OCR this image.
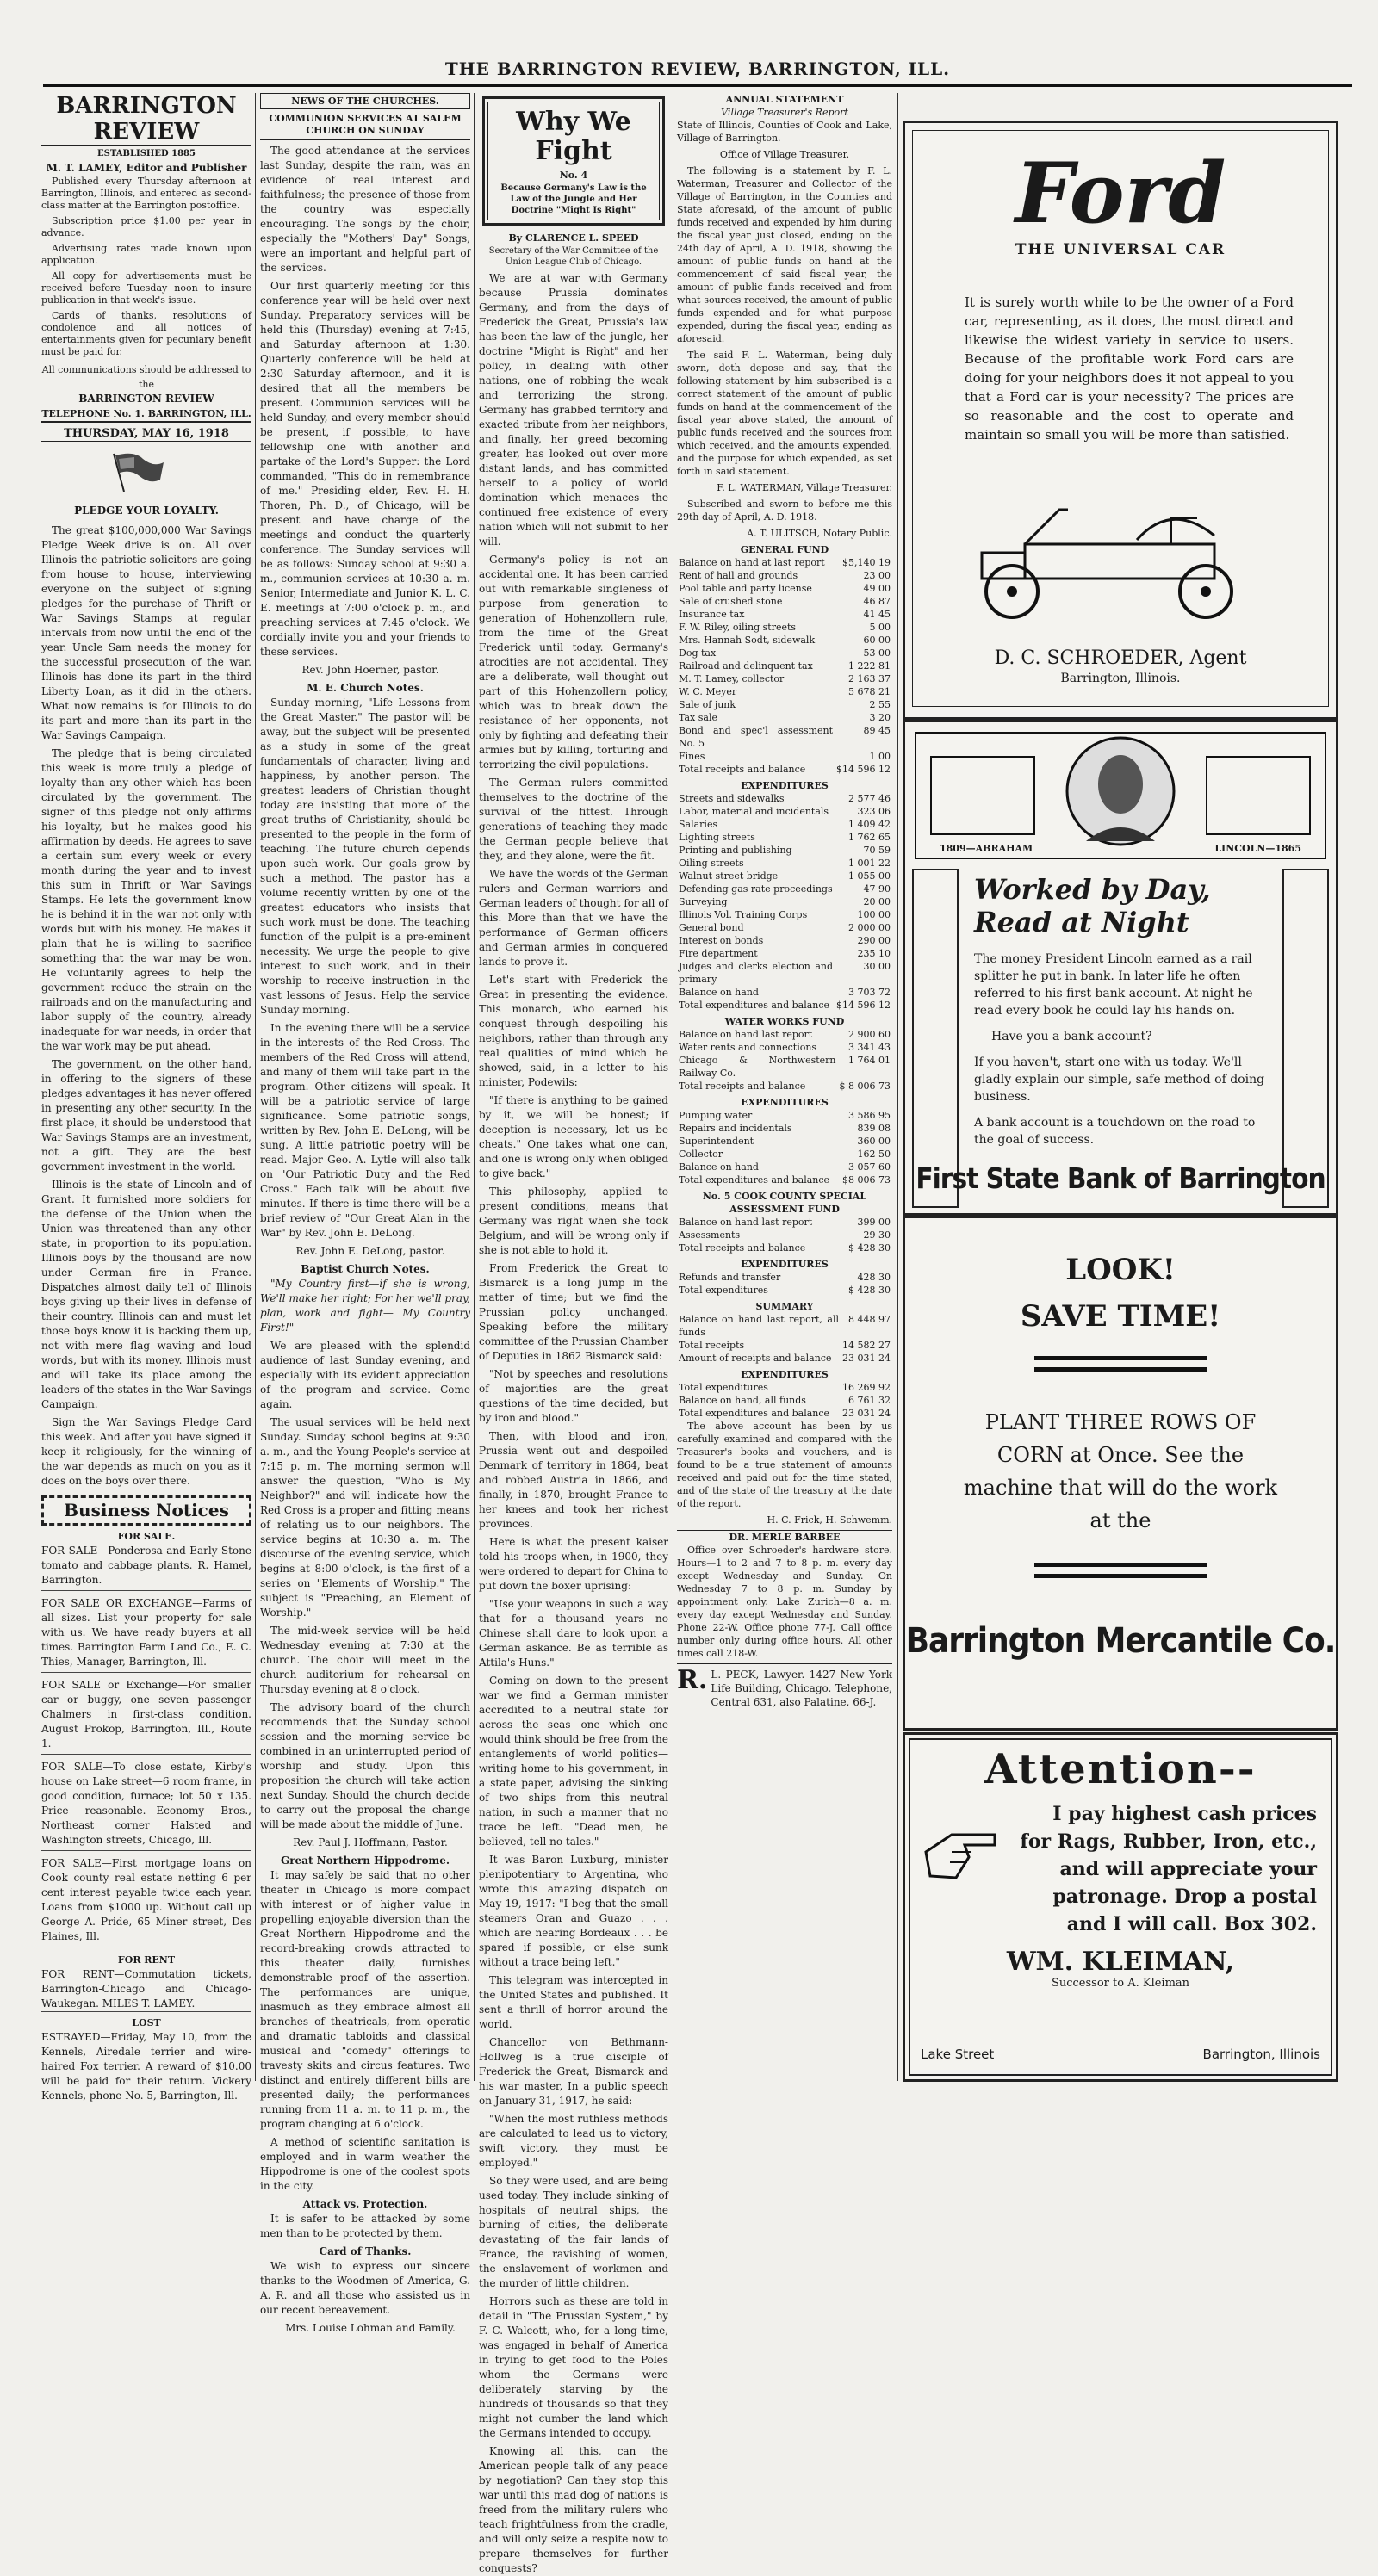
THE BARRINGTON REVIEW, BARRINGTON, ILL.
BARRINGTON REVIEW
ESTABLISHED 1885
M. T. LAMEY, Editor and Publisher

Published every Thursday afternoon at Barrington, Illinois, and entered as second-class matter at the Barrington postoffice.

Subscription price $1.00 per year in advance.

Advertising rates made known upon application.

All copy for advertisements must be received before Tuesday noon to insure publication in that week's issue.

Cards of thanks, resolutions of condolence and all notices of entertainments given for pecuniary benefit must be paid for.

All communications should be addressed to the
BARRINGTON REVIEW
TELEPHONE No. 1. BARRINGTON, ILL.
THURSDAY, MAY 16, 1918
PLEDGE YOUR LOYALTY.

The great $100,000,000 War Savings Pledge Week drive is on. All over Illinois the patriotic solicitors are going from house to house, interviewing everyone on the subject of signing pledges for the purchase of Thrift or War Savings Stamps at regular intervals from now until the end of the year. Uncle Sam needs the money for the successful prosecution of the war. Illinois has done its part in the third Liberty Loan, as it did in the others. What now remains is for Illinois to do its part and more than its part in the War Savings Campaign.

The pledge that is being circulated this week is more truly a pledge of loyalty than any other which has been circulated by the government. The signer of this pledge not only affirms his loyalty, but he makes good his affirmation by deeds. He agrees to save a certain sum every week or every month during the year and to invest this sum in Thrift or War Savings Stamps. He lets the government know he is behind it in the war not only with words but with his money. He makes it plain that he is willing to sacrifice something that the war may be won. He voluntarily agrees to help the government reduce the strain on the railroads and on the manufacturing and labor supply of the country, already inadequate for war needs, in order that the war work may be put ahead.

The government, on the other hand, in offering to the signers of these pledges advantages it has never offered in presenting any other security. In the first place, it should be understood that War Savings Stamps are an investment, not a gift. They are the best government investment in the world.

Illinois is the state of Lincoln and of Grant. It furnished more soldiers for the defense of the Union when the Union was threatened than any other state, in proportion to its population. Illinois boys by the thousand are now under German fire in France. Dispatches almost daily tell of Illinois boys giving up their lives in defense of their country. Illinois can and must let those boys know it is backing them up, not with mere flag waving and loud words, but with its money. Illinois must and will take its place among the leaders of the states in the War Savings Campaign.

Sign the War Savings Pledge Card this week. And after you have signed it keep it religiously, for the winning of the war depends as much on you as it does on the boys over there.

Business Notices
FOR SALE.

FOR SALE—Ponderosa and Early Stone tomato and cabbage plants. R. Hamel, Barrington.

FOR SALE OR EXCHANGE—Farms of all sizes. List your property for sale with us. We have ready buyers at all times. Barrington Farm Land Co., E. C. Thies, Manager, Barrington, Ill.

FOR SALE or Exchange—For smaller car or buggy, one seven passenger Chalmers in first-class condition. August Prokop, Barrington, Ill., Route 1.

FOR SALE—To close estate, Kirby's house on Lake street—6 room frame, in good condition, furnace; lot 50 x 135. Price reasonable.—Economy Bros., Northeast corner Halsted and Washington streets, Chicago, Ill.

FOR SALE—First mortgage loans on Cook county real estate netting 6 per cent interest payable twice each year. Loans from $1000 up. Without call up George A. Pride, 65 Miner street, Des Plaines, Ill.

FOR RENT

FOR RENT—Commutation tickets, Barrington-Chicago and Chicago-Waukegan. MILES T. LAMEY.

LOST

ESTRAYED—Friday, May 10, from the Kennels, Airedale terrier and wire-haired Fox terrier. A reward of $10.00 will be paid for their return. Vickery Kennels, phone No. 5, Barrington, Ill.

NEWS OF THE CHURCHES.
COMMUNION SERVICES AT SALEM CHURCH ON SUNDAY

The good attendance at the services last Sunday, despite the rain, was an evidence of real interest and faithfulness; the presence of those from the country was especially encouraging. The songs by the choir, especially the "Mothers' Day" Songs, were an important and helpful part of the services.

Our first quarterly meeting for this conference year will be held over next Sunday. Preparatory services will be held this (Thursday) evening at 7:45, and Saturday afternoon at 1:30. Quarterly conference will be held at 2:30 Saturday afternoon, and it is desired that all the members be present. Communion services will be held Sunday, and every member should be present, if possible, to have fellowship one with another and partake of the Lord's Supper: the Lord commanded, "This do in remembrance of me." Presiding elder, Rev. H. H. Thoren, Ph. D., of Chicago, will be present and have charge of the meetings and conduct the quarterly conference. The Sunday services will be as follows: Sunday school at 9:30 a. m., communion services at 10:30 a. m. Senior, Intermediate and Junior K. L. C. E. meetings at 7:00 o'clock p. m., and preaching services at 7:45 o'clock. We cordially invite you and your friends to these services.

Rev. John Hoerner, pastor.

M. E. Church Notes.

Sunday morning, "Life Lessons from the Great Master." The pastor will be away, but the subject will be presented as a study in some of the great fundamentals of character, living and happiness, by another person. The greatest leaders of Christian thought today are insisting that more of the great truths of Christianity, should be presented to the people in the form of teaching. The future church depends upon such work. Our goals grow by such a method. The pastor has a volume recently written by one of the greatest educators who insists that such work must be done. The teaching function of the pulpit is a pre-eminent necessity. We urge the people to give interest to such work, and in their worship to receive instruction in the vast lessons of Jesus. Help the service Sunday morning.

In the evening there will be a service in the interests of the Red Cross. The members of the Red Cross will attend, and many of them will take part in the program. Other citizens will speak. It will be a patriotic service of large significance. Some patriotic songs, written by Rev. John E. DeLong, will be sung. A little patriotic poetry will be read. Major Geo. A. Lytle will also talk on "Our Patriotic Duty and the Red Cross." Each talk will be about five minutes. If there is time there will be a brief review of "Our Great Alan in the War" by Rev. John E. DeLong.

Rev. John E. DeLong, pastor.

Baptist Church Notes.

"My Country first—if she is wrong, We'll make her right; For her we'll pray, plan, work and fight— My Country First!"

We are pleased with the splendid audience of last Sunday evening, and especially with its evident appreciation of the program and service. Come again.

The usual services will be held next Sunday. Sunday school begins at 9:30 a. m., and the Young People's service at 7:15 p. m. The morning sermon will answer the question, "Who is My Neighbor?" and will indicate how the Red Cross is a proper and fitting means of relating us to our neighbors. The service begins at 10:30 a. m. The discourse of the evening service, which begins at 8:00 o'clock, is the first of a series on "Elements of Worship." The subject is "Preaching, an Element of Worship."

The mid-week service will be held Wednesday evening at 7:30 at the church. The choir will meet in the church auditorium for rehearsal on Thursday evening at 8 o'clock.

The advisory board of the church recommends that the Sunday school session and the morning service be combined in an uninterrupted period of worship and study. Upon this proposition the church will take action next Sunday. Should the church decide to carry out the proposal the change will be made about the middle of June.

Rev. Paul J. Hoffmann, Pastor.

Great Northern Hippodrome.

It may safely be said that no other theater in Chicago is more compact with interest or of higher value in propelling enjoyable diversion than the Great Northern Hippodrome and the record-breaking crowds attracted to this theater daily, furnishes demonstrable proof of the assertion. The performances are unique, inasmuch as they embrace almost all branches of theatricals, from operatic and dramatic tabloids and classical musical and "comedy" offerings to travesty skits and circus features. Two distinct and entirely different bills are presented daily; the performances running from 11 a. m. to 11 p. m., the program changing at 6 o'clock.

A method of scientific sanitation is employed and in warm weather the Hippodrome is one of the coolest spots in the city.

Attack vs. Protection.

It is safer to be attacked by some men than to be protected by them.

Card of Thanks.

We wish to express our sincere thanks to the Woodmen of America, G. A. R. and all those who assisted us in our recent bereavement.

Mrs. Louise Lohman and Family.

Why We Fight
No. 4
Because Germany's Law is the Law of the Jungle and Her Doctrine "Might Is Right"
By CLARENCE L. SPEED
Secretary of the War Committee of the Union League Club of Chicago.

We are at war with Germany because Prussia dominates Germany, and from the days of Frederick the Great, Prussia's law has been the law of the jungle, her doctrine "Might is Right" and her policy, in dealing with other nations, one of robbing the weak and terrorizing the strong. Germany has grabbed territory and exacted tribute from her neighbors, and finally, her greed becoming greater, has looked out over more distant lands, and has committed herself to a policy of world domination which menaces the continued free existence of every nation which will not submit to her will.

Germany's policy is not an accidental one. It has been carried out with remarkable singleness of purpose from generation to generation of Hohenzollern rule, from the time of the Great Frederick until today. Germany's atrocities are not accidental. They are a deliberate, well thought out part of this Hohenzollern policy, which was to break down the resistance of her opponents, not only by fighting and defeating their armies but by killing, torturing and terrorizing the civil populations.

The German rulers committed themselves to the doctrine of the survival of the fittest. Through generations of teaching they made the German people believe that they, and they alone, were the fit.

We have the words of the German rulers and German warriors and German leaders of thought for all of this. More than that we have the performance of German officers and German armies in conquered lands to prove it.

Let's start with Frederick the Great in presenting the evidence. This monarch, who earned his conquest through despoiling his neighbors, rather than through any real qualities of mind which he showed, said, in a letter to his minister, Podewils:

"If there is anything to be gained by it, we will be honest; if deception is necessary, let us be cheats." One takes what one can, and one is wrong only when obliged to give back."

This philosophy, applied to present conditions, means that Germany was right when she took Belgium, and will be wrong only if she is not able to hold it.

From Frederick the Great to Bismarck is a long jump in the matter of time; but we find the Prussian policy unchanged. Speaking before the military committee of the Prussian Chamber of Deputies in 1862 Bismarck said:

"Not by speeches and resolutions of majorities are the great questions of the time decided, but by iron and blood."

Then, with blood and iron, Prussia went out and despoiled Denmark of territory in 1864, beat and robbed Austria in 1866, and finally, in 1870, brought France to her knees and took her richest provinces.

Here is what the present kaiser told his troops when, in 1900, they were ordered to depart for China to put down the boxer uprising:

"Use your weapons in such a way that for a thousand years no Chinese shall dare to look upon a German askance. Be as terrible as Attila's Huns."

Coming on down to the present war we find a German minister accredited to a neutral state for across the seas—one which one would think should be free from the entanglements of world politics—writing home to his government, in a state paper, advising the sinking of two ships from this neutral nation, in such a manner that no trace be left. "Dead men, he believed, tell no tales."

It was Baron Luxburg, minister plenipotentiary to Argentina, who wrote this amazing dispatch on May 19, 1917: "I beg that the small steamers Oran and Guazo . . . which are nearing Bordeaux . . . be spared if possible, or else sunk without a trace being left."

This telegram was intercepted in the United States and published. It sent a thrill of horror around the world.

Chancellor von Bethmann-Hollweg is a true disciple of Frederick the Great, Bismarck and his war master, In a public speech on January 31, 1917, he said:

"When the most ruthless methods are calculated to lead us to victory, swift victory, they must be employed."

So they were used, and are being used today. They include sinking of hospitals of neutral ships, the burning of cities, the deliberate devastating of the fair lands of France, the ravishing of women, the enslavement of workmen and the murder of little children.

Horrors such as these are told in detail in "The Prussian System," by F. C. Walcott, who, for a long time, was engaged in behalf of America in trying to get food to the Poles whom the Germans were deliberately starving by the hundreds of thousands so that they might not cumber the land which the Germans intended to occupy.

Knowing all this, can the American people talk of any peace by negotiation? Can they stop this war until this mad dog of nations is freed from the military rulers who teach frightfulness from the cradle, and will only seize a respite now to prepare themselves for further conquests?

ANNUAL STATEMENT
Village Treasurer's Report

State of Illinois, Counties of Cook and Lake, Village of Barrington.

Office of Village Treasurer.

The following is a statement by F. L. Waterman, Treasurer and Collector of the Village of Barrington, in the Counties and State aforesaid, of the amount of public funds received and expended by him during the fiscal year just closed, ending on the 24th day of April, A. D. 1918, showing the amount of public funds on hand at the commencement of said fiscal year, the amount of public funds received and from what sources received, the amount of public funds expended and for what purpose expended, during the fiscal year, ending as aforesaid.

The said F. L. Waterman, being duly sworn, doth depose and say, that the following statement by him subscribed is a correct statement of the amount of public funds on hand at the commencement of the fiscal year above stated, the amount of public funds received and the sources from which received, and the amounts expended, and the purpose for which expended, as set forth in said statement.

F. L. WATERMAN, Village Treasurer.

Subscribed and sworn to before me this 29th day of April, A. D. 1918.

A. T. ULITSCH, Notary Public.

GENERAL FUND
Balance on hand at last report	$5,140 19
Rent of hall and grounds	23 00
Pool table and party license	49 00
Sale of crushed stone	46 87
Insurance tax	41 45
F. W. Riley, oiling streets	5 00
Mrs. Hannah Sodt, sidewalk	60 00
Dog tax	53 00
Railroad and delinquent tax	1 222 81
M. T. Lamey, collector	2 163 37
W. C. Meyer	5 678 21
Sale of junk	2 55
Tax sale	3 20
Bond and spec'l assessment No. 5	89 45
Fines	1 00
Total receipts and balance	$14 596 12
EXPENDITURES
Streets and sidewalks	2 577 46
Labor, material and incidentals	323 06
Salaries	1 409 42
Lighting streets	1 762 65
Printing and publishing	70 59
Oiling streets	1 001 22
Walnut street bridge	1 055 00
Defending gas rate proceedings	47 90
Surveying	20 00
Illinois Vol. Training Corps	100 00
General bond	2 000 00
Interest on bonds	290 00
Fire department	235 10
Judges and clerks election and primary	30 00
Balance on hand	3 703 72
Total expenditures and balance	$14 596 12
WATER WORKS FUND
Balance on hand last report	2 900 60
Water rents and connections	3 341 43
Chicago & Northwestern Railway Co.	1 764 01
Total receipts and balance	$ 8 006 73
EXPENDITURES
Pumping water	3 586 95
Repairs and incidentals	839 08
Superintendent	360 00
Collector	162 50
Balance on hand	3 057 60
Total expenditures and balance	$8 006 73
No. 5 COOK COUNTY SPECIAL ASSESSMENT FUND
Balance on hand last report	399 00
Assessments	29 30
Total receipts and balance	$ 428 30
EXPENDITURES
Refunds and transfer	428 30
Total expenditures	$ 428 30
SUMMARY
Balance on hand last report, all funds	8 448 97
Total receipts	14 582 27
Amount of receipts and balance	23 031 24
EXPENDITURES
Total expenditures	16 269 92
Balance on hand, all funds	6 761 32
Total expenditures and balance	23 031 24

The above account has been by us carefully examined and compared with the Treasurer's books and vouchers, and is found to be a true statement of amounts received and paid out for the time stated, and of the state of the treasury at the date of the report.

H. C. Frick, H. Schwemm.

DR. MERLE BARBEE

Office over Schroeder's hardware store. Hours—1 to 2 and 7 to 8 p. m. every day except Wednesday and Sunday. On Wednesday 7 to 8 p. m. Sunday by appointment only. Lake Zurich—8 a. m. every day except Wednesday and Sunday. Phone 22-W. Office phone 77-J. Call office number only during office hours. All other times call 218-W.

R. L. PECK, Lawyer. 1427 New York Life Building, Chicago. Telephone, Central 631, also Palatine, 66-J.
Ford
THE UNIVERSAL CAR

It is surely worth while to be the owner of a Ford car, representing, as it does, the most direct and likewise the widest variety in service to users. Because of the profitable work Ford cars are doing for your neighbors does it not appeal to you that a Ford car is your necessity? The prices are so reasonable and the cost to operate and maintain so small you will be more than satisfied.

D. C. SCHROEDER, Agent
Barrington, Illinois.
1809—ABRAHAM	LINCOLN—1865
Worked by Day,
Read at Night

The money President Lincoln earned as a rail splitter he put in bank. In later life he often referred to his first bank account. At night he read every book he could lay his hands on.

Have you a bank account?

If you haven't, start one with us today. We'll gladly explain our simple, safe method of doing business.

A bank account is a touchdown on the road to the goal of success.

First State Bank of Barrington
LOOK!
SAVE TIME!
PLANT THREE ROWS OF
CORN at Once. See the
machine that will do the work
at the
Barrington Mercantile Co.
Attention--

I pay highest cash prices for Rags, Rubber, Iron, etc., and will appreciate your patronage. Drop a postal and I will call. Box 302.

WM. KLEIMAN,
Successor to A. Kleiman
Lake Street	Barrington, Illinois
